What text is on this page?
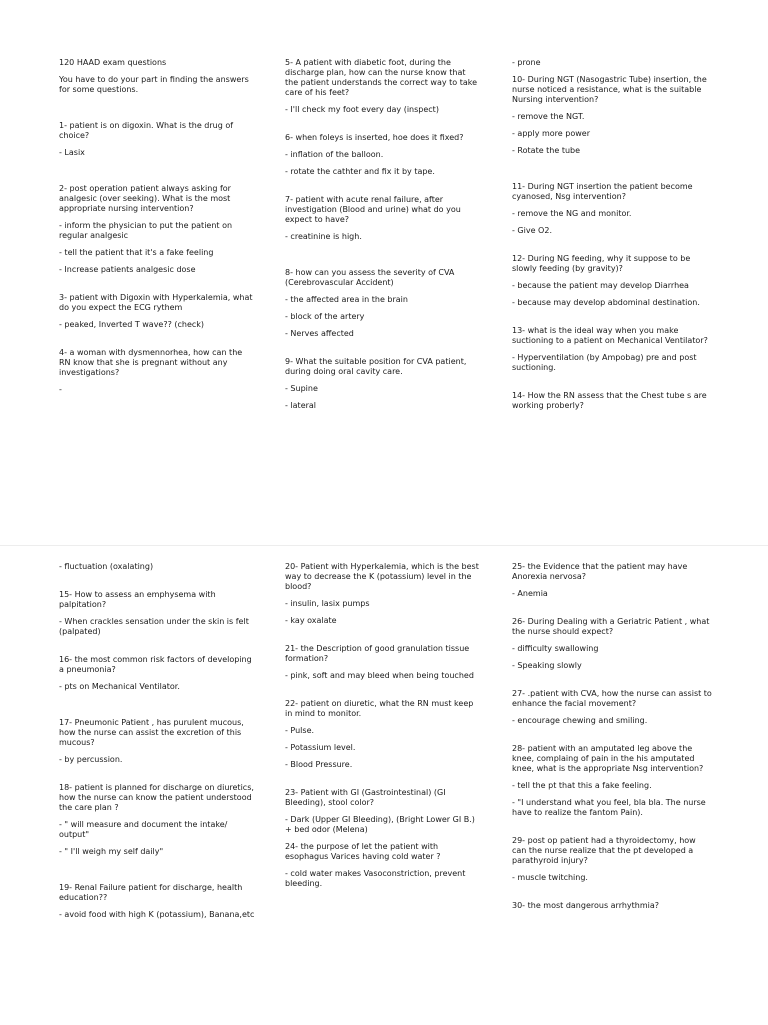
120 HAAD exam questions
You have to do your part in finding the answers for some questions.
1- patient is on digoxin. What is the drug of choice?
- Lasix
2- post operation patient always asking for analgesic (over seeking). What is the most appropriate nursing intervention?
- inform the physician to put the patient on regular analgesic
- tell the patient that it's a fake feeling
- Increase patients analgesic dose
3- patient with Digoxin with Hyperkalemia, what do you expect the ECG rythem
- peaked, Inverted T wave?? (check)
4- a woman with dysmennorhea, how can the RN know that she is pregnant without any investigations?
-
5- A patient with diabetic foot, during the discharge plan, how can the nurse know that the patient understands the correct way to take care of his feet?
- I'll check my foot every day (inspect)
6- when foleys is inserted, hoe does it fixed?
- inflation of the balloon.
- rotate the cathter and fix it by tape.
7- patient with acute renal failure, after investigation (Blood and urine) what do you expect to have?
- creatinine is high.
8- how can you assess the severity of CVA (Cerebrovascular Accident)
- the affected area in the brain
- block of the artery
- Nerves affected
9- What the suitable position for CVA patient, during doing oral cavity care.
- Supine
- lateral
- prone
10- During NGT (Nasogastric Tube) insertion, the nurse noticed a resistance, what is the suitable Nursing intervention?
- remove the NGT.
- apply more power
- Rotate the tube
11- During NGT insertion the patient become cyanosed, Nsg intervention?
- remove the NG and monitor.
- Give O2.
12- During NG feeding, why it suppose to be slowly feeding (by gravity)?
- because the patient may develop Diarrhea
- because may develop abdominal destination.
13- what is the ideal way when you make suctioning to a patient on Mechanical Ventilator?
- Hyperventilation (by Ampobag) pre and post suctioning.
14- How the RN assess that the Chest tube s are working proberly?
- fluctuation (oxalating)
15- How to assess an emphysema with palpitation?
- When crackles sensation under the skin is felt (palpated)
16- the most common risk factors of developing a pneumonia?
- pts on Mechanical Ventilator.
17- Pneumonic Patient , has purulent mucous, how the nurse can assist the excretion of this mucous?
- by percussion.
18- patient is planned for discharge on diuretics, how the nurse can know the patient understood the care plan ?
- " will measure and document the intake/ output"
- " I'll weigh my self daily"
19- Renal Failure patient for discharge, health education??
- avoid food with high K (potassium), Banana,etc
20- Patient with Hyperkalemia, which is the best way to decrease the K (potassium) level in the blood?
- insulin, lasix pumps
- kay oxalate
21- the Description of good granulation tissue formation?
- pink, soft and may bleed when being touched
22- patient on diuretic, what the RN must keep in mind to monitor.
- Pulse.
- Potassium level.
- Blood Pressure.
23- Patient with GI (Gastrointestinal) (GI Bleeding), stool color?
- Dark (Upper GI Bleeding), (Bright Lower GI B.) + bed odor (Melena)
24- the purpose of let the patient with esophagus Varices having cold water ?
- cold water makes Vasoconstriction, prevent bleeding.
25- the Evidence that the patient may have Anorexia nervosa?
- Anemia
26- During Dealing with a Geriatric Patient , what the nurse should expect?
- difficulty swallowing
- Speaking slowly
27- .patient with CVA, how the nurse can assist to enhance the facial movement?
- encourage chewing and smiling.
28- patient with an amputated leg above the knee, complaing of pain in the his amputated knee, what is the appropriate Nsg intervention?
- tell the pt that this a fake feeling.
- "I understand what you feel, bla bla. The nurse have to realize the fantom Pain).
29- post op patient had a thyroidectomy, how can the nurse realize that the pt developed a parathyroid injury?
- muscle twitching.
30- the most dangerous arrhythmia?
